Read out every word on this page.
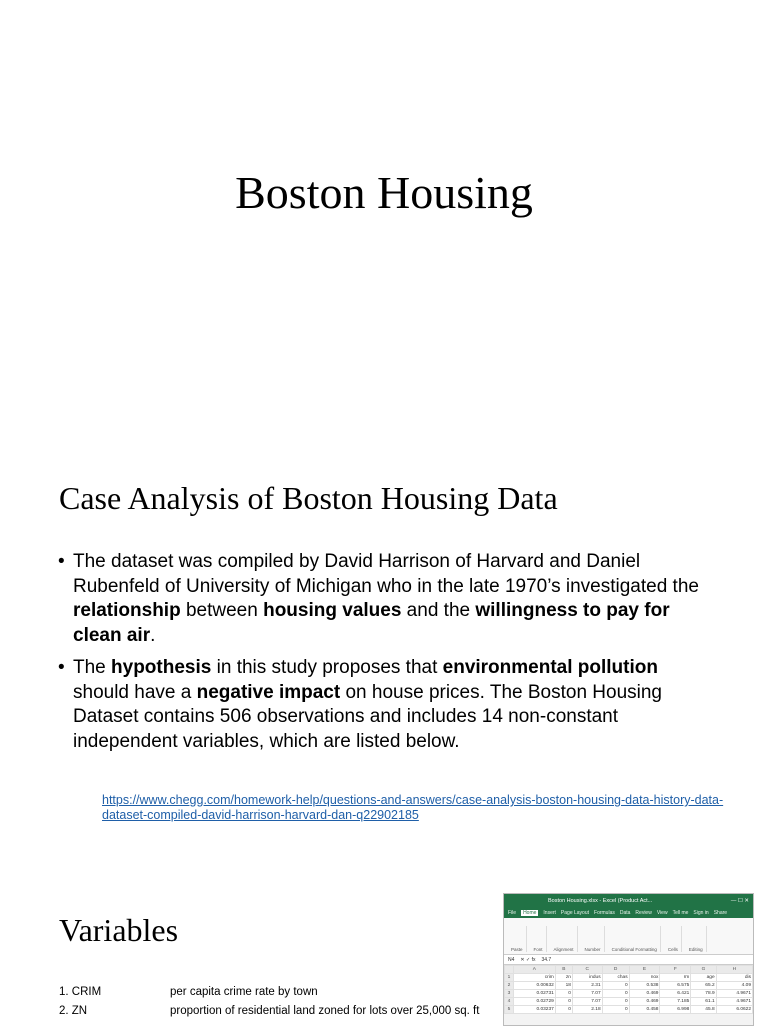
Boston Housing
Case Analysis of Boston Housing Data
• The dataset was compiled by David Harrison of Harvard and Daniel Rubenfeld of University of Michigan who in the late 1970’s investigated the relationship between housing values and the willingness to pay for clean air.
• The hypothesis in this study proposes that environmental pollution should have a negative impact on house prices. The Boston Housing Dataset contains 506 observations and includes 14 non-constant independent variables, which are listed below.
https://www.chegg.com/homework-help/questions-and-answers/case-analysis-boston-housing-data-history-data-dataset-compiled-david-harrison-harvard-dan-q22902185
Variables
1. CRIM	per capita crime rate by town
2. ZN	proportion of residential land zoned for lots over 25,000 sq. ft
Boston Housing.xlsx - Excel (Product Act...	— ☐ ✕
File	Home	Insert Page Layout Formulas Data Review View Tell me Sign in Share
Paste	Font	Alignment	Number	Conditional Formatting	Cells	Editing
N4 ✕ ✓ fx 34.7
	A	B	C	D	E	F	G	H
1	crim	zn	indus	chas	nox	rm	age	dis
2	0.00632	18	2.31	0	0.538	6.575	65.2	4.09
3	0.02731	0	7.07	0	0.469	6.421	78.9	4.9671
4	0.02729	0	7.07	0	0.469	7.185	61.1	4.9671
5	0.03237	0	2.18	0	0.458	6.998	45.8	6.0622
